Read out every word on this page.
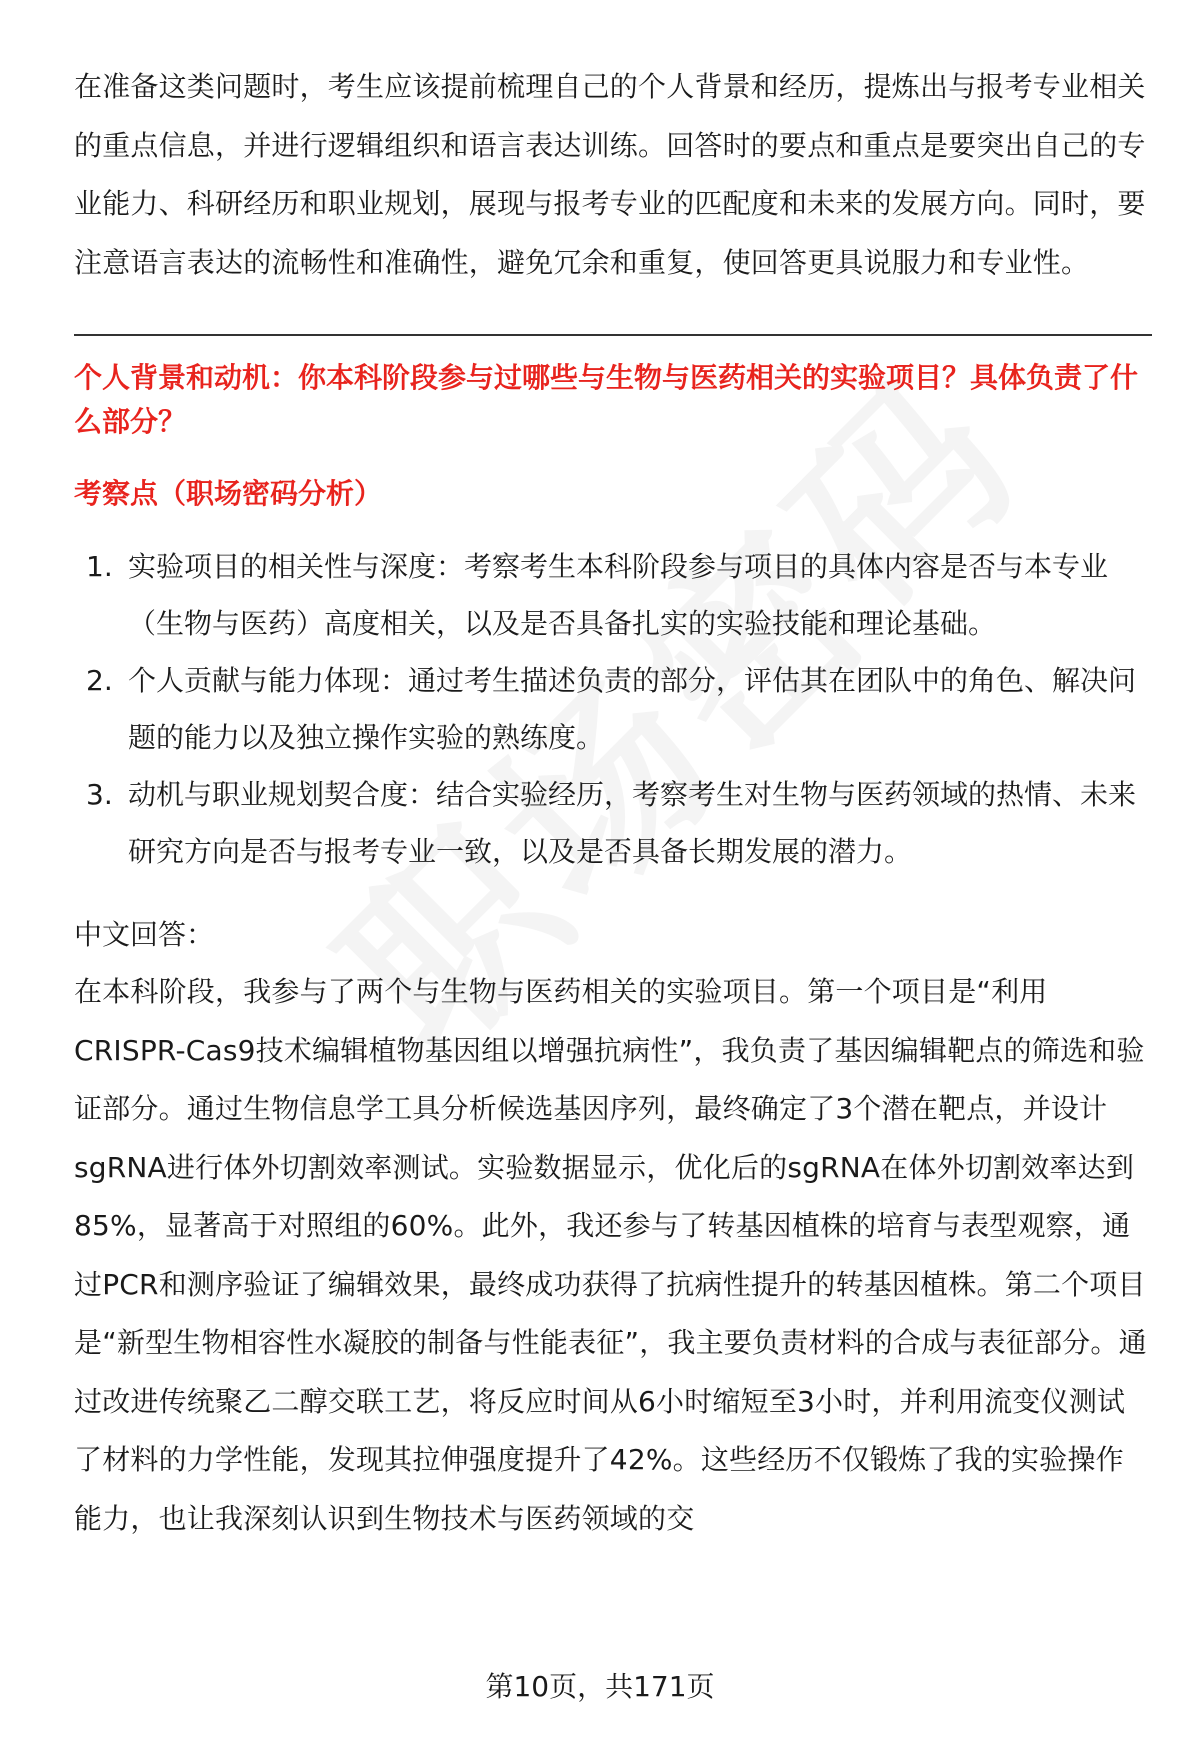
在准备这类问题时，考生应该提前梳理自己的个人背景和经历，提炼出与报考专业相关的重点信息，并进行逻辑组织和语言表达训练。回答时的要点和重点是要突出自己的专业能力、科研经历和职业规划，展现与报考专业的匹配度和未来的发展方向。同时，要注意语言表达的流畅性和准确性，避免冗余和重复，使回答更具说服力和专业性。

个人背景和动机：你本科阶段参与过哪些与生物与医药相关的实验项目？具体负责了什么部分？
考察点（职场密码分析）
1. 实验项目的相关性与深度：考察考生本科阶段参与项目的具体内容是否与本专业（生物与医药）高度相关，以及是否具备扎实的实验技能和理论基础。
2. 个人贡献与能力体现：通过考生描述负责的部分，评估其在团队中的角色、解决问题的能力以及独立操作实验的熟练度。
3. 动机与职业规划契合度：结合实验经历，考察考生对生物与医药领域的热情、未来研究方向是否与报考专业一致，以及是否具备长期发展的潜力。
中文回答：

在本科阶段，我参与了两个与生物与医药相关的实验项目。第一个项目是“利用CRISPR-Cas9技术编辑植物基因组以增强抗病性”，我负责了基因编辑靶点的筛选和验证部分。通过生物信息学工具分析候选基因序列，最终确定了3个潜在靶点，并设计sgRNA进行体外切割效率测试。实验数据显示，优化后的sgRNA在体外切割效率达到85%，显著高于对照组的60%。此外，我还参与了转基因植株的培育与表型观察，通过PCR和测序验证了编辑效果，最终成功获得了抗病性提升的转基因植株。第二个项目是“新型生物相容性水凝胶的制备与性能表征”，我主要负责材料的合成与表征部分。通过改进传统聚乙二醇交联工艺，将反应时间从6小时缩短至3小时，并利用流变仪测试了材料的力学性能，发现其拉伸强度提升了42%。这些经历不仅锻炼了我的实验操作能力，也让我深刻认识到生物技术与医药领域的交

第10页，共171页
